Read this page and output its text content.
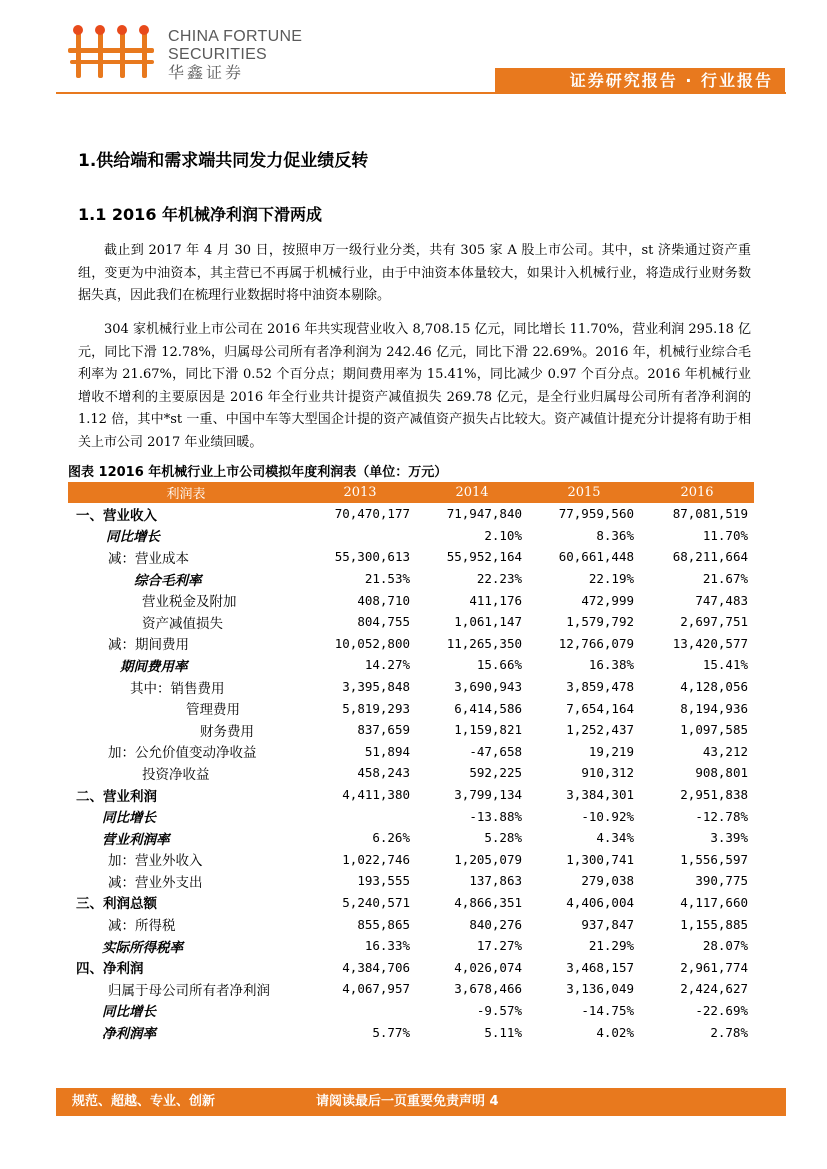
CHINA FORTUNE
SECURITIES
华鑫证券	证券研究报告 · 行业报告
1.供给端和需求端共同发力促业绩反转
1.1 2016 年机械净利润下滑两成
截止到 2017 年 4 月 30 日，按照申万一级行业分类，共有 305 家 A 股上市公司。其中，st 济柴通过资产重组，变更为中油资本，其主营已不再属于机械行业，由于中油资本体量较大，如果计入机械行业，将造成行业财务数据失真，因此我们在梳理行业数据时将中油资本剔除。
304 家机械行业上市公司在 2016 年共实现营业收入 8,708.15 亿元，同比增长 11.70%，营业利润 295.18 亿元，同比下滑 12.78%，归属母公司所有者净利润为 242.46 亿元，同比下滑 22.69%。2016 年，机械行业综合毛利率为 21.67%，同比下滑 0.52 个百分点；期间费用率为 15.41%，同比减少 0.97 个百分点。2016 年机械行业增收不增利的主要原因是 2016 年全行业共计提资产减值损失 269.78 亿元，是全行业归属母公司所有者净利润的 1.12 倍，其中*st 一重、中国中车等大型国企计提的资产减值资产损失占比较大。资产减值计提充分计提将有助于相关上市公司 2017 年业绩回暖。
图表 12016 年机械行业上市公司模拟年度利润表（单位：万元）
利润表	2013	2014	2015	2016
一、营业收入	70,470,177	71,947,840	77,959,560	87,081,519
同比增长		2.10%	8.36%	11.70%
减：营业成本	55,300,613	55,952,164	60,661,448	68,211,664
综合毛利率	21.53%	22.23%	22.19%	21.67%
营业税金及附加	408,710	411,176	472,999	747,483
资产减值损失	804,755	1,061,147	1,579,792	2,697,751
减：期间费用	10,052,800	11,265,350	12,766,079	13,420,577
期间费用率	14.27%	15.66%	16.38%	15.41%
其中：销售费用	3,395,848	3,690,943	3,859,478	4,128,056
管理费用	5,819,293	6,414,586	7,654,164	8,194,936
财务费用	837,659	1,159,821	1,252,437	1,097,585
加：公允价值变动净收益	51,894	-47,658	19,219	43,212
投资净收益	458,243	592,225	910,312	908,801
二、营业利润	4,411,380	3,799,134	3,384,301	2,951,838
同比增长		-13.88%	-10.92%	-12.78%
营业利润率	6.26%	5.28%	4.34%	3.39%
加：营业外收入	1,022,746	1,205,079	1,300,741	1,556,597
减：营业外支出	193,555	137,863	279,038	390,775
三、利润总额	5,240,571	4,866,351	4,406,004	4,117,660
减：所得税	855,865	840,276	937,847	1,155,885
实际所得税率	16.33%	17.27%	21.29%	28.07%
四、净利润	4,384,706	4,026,074	3,468,157	2,961,774
归属于母公司所有者净利润	4,067,957	3,678,466	3,136,049	2,424,627
同比增长		-9.57%	-14.75%	-22.69%
净利润率	5.77%	5.11%	4.02%	2.78%
规范、超越、专业、创新	请阅读最后一页重要免责声明 4
